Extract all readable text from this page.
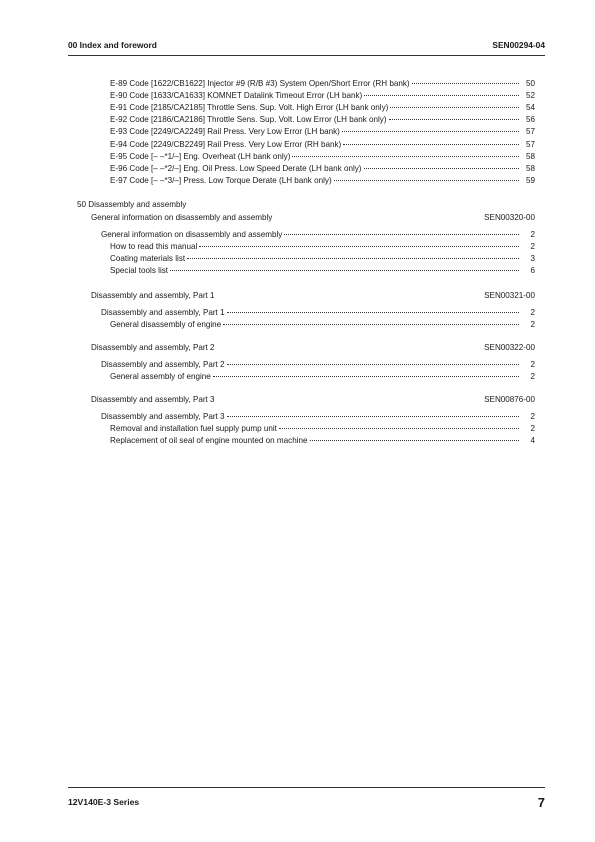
00 Index and foreword	SEN00294-04
E-89 Code [1622/CB1622] Injector #9 (R/B #3) System Open/Short Error (RH bank)	50
E-90 Code [1633/CA1633] KOMNET Datalink Timeout Error (LH bank)	52
E-91 Code [2185/CA2185] Throttle Sens. Sup. Volt. High Error (LH bank only)	54
E-92 Code [2186/CA2186] Throttle Sens. Sup. Volt. Low Error (LH bank only)	56
E-93 Code [2249/CA2249] Rail Press. Very Low Error (LH bank)	57
E-94 Code [2249/CB2249] Rail Press. Very Low Error (RH bank)	57
E-95 Code [– –*1/–] Eng. Overheat (LH bank only)	58
E-96 Code [– –*2/–] Eng. Oil Press. Low Speed Derate (LH bank only)	58
E-97 Code [– –*3/–] Press. Low Torque Derate (LH bank only)	59
50 Disassembly and assembly
General information on disassembly and assembly	SEN00320-00
General information on disassembly and assembly	2
How to read this manual	2
Coating materials list	3
Special tools list	6
Disassembly and assembly, Part 1	SEN00321-00
Disassembly and assembly, Part 1	2
General disassembly of engine	2
Disassembly and assembly, Part 2	SEN00322-00
Disassembly and assembly, Part 2	2
General assembly of engine	2
Disassembly and assembly, Part 3	SEN00876-00
Disassembly and assembly, Part 3	2
Removal and installation fuel supply pump unit	2
Replacement of oil seal of engine mounted on machine	4
12V140E-3 Series	7
